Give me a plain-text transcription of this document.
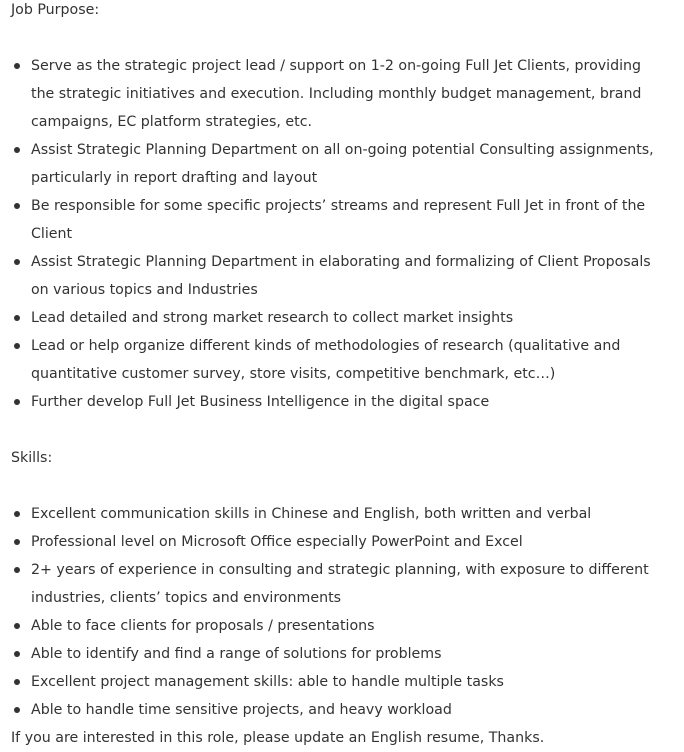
Job Purpose:
Serve as the strategic project lead / support on 1-2 on-going Full Jet Clients, providing the strategic initiatives and execution. Including monthly budget management, brand campaigns, EC platform strategies, etc.
Assist Strategic Planning Department on all on-going potential Consulting assignments, particularly in report drafting and layout
Be responsible for some specific projects’ streams and represent Full Jet in front of the Client
Assist Strategic Planning Department in elaborating and formalizing of Client Proposals on various topics and Industries
Lead detailed and strong market research to collect market insights
Lead or help organize different kinds of methodologies of research (qualitative and quantitative customer survey, store visits, competitive benchmark, etc…)
Further develop Full Jet Business Intelligence in the digital space
Skills:
Excellent communication skills in Chinese and English, both written and verbal
Professional level on Microsoft Office especially PowerPoint and Excel
2+ years of experience in consulting and strategic planning, with exposure to different industries, clients’ topics and environments
Able to face clients for proposals / presentations
Able to identify and find a range of solutions for problems
Excellent project management skills: able to handle multiple tasks
Able to handle time sensitive projects, and heavy workload
If you are interested in this role, please update an English resume, Thanks.
